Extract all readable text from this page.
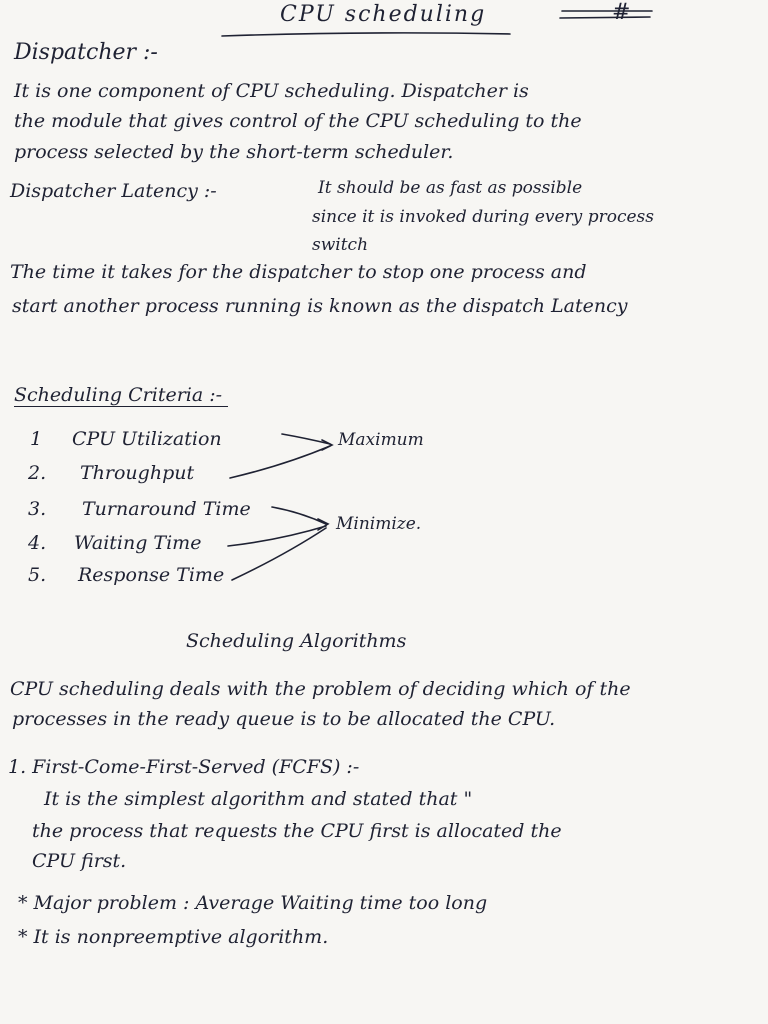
CPU scheduling	#
Dispatcher :-
It is one component of CPU scheduling. Dispatcher is
the module that gives control of the CPU scheduling to the
process selected by the short-term scheduler.
Dispatcher Latency :-	It should be as fast as possible
since it is invoked during every process
switch
The time it takes for the dispatcher to stop one process and
start another process running is known as the dispatch Latency
Scheduling Criteria :-
1 CPU Utilization
2. Throughput
3. Turnaround Time
4. Waiting Time
5. Response Time
Maximum
Minimize.
Scheduling Algorithms
CPU scheduling deals with the problem of deciding which of the
processes in the ready queue is to be allocated the CPU.
1. First-Come-First-Served (FCFS) :-
It is the simplest algorithm and stated that "
the process that requests the CPU first is allocated the
CPU first.
* Major problem : Average Waiting time too long
* It is nonpreemptive algorithm.
